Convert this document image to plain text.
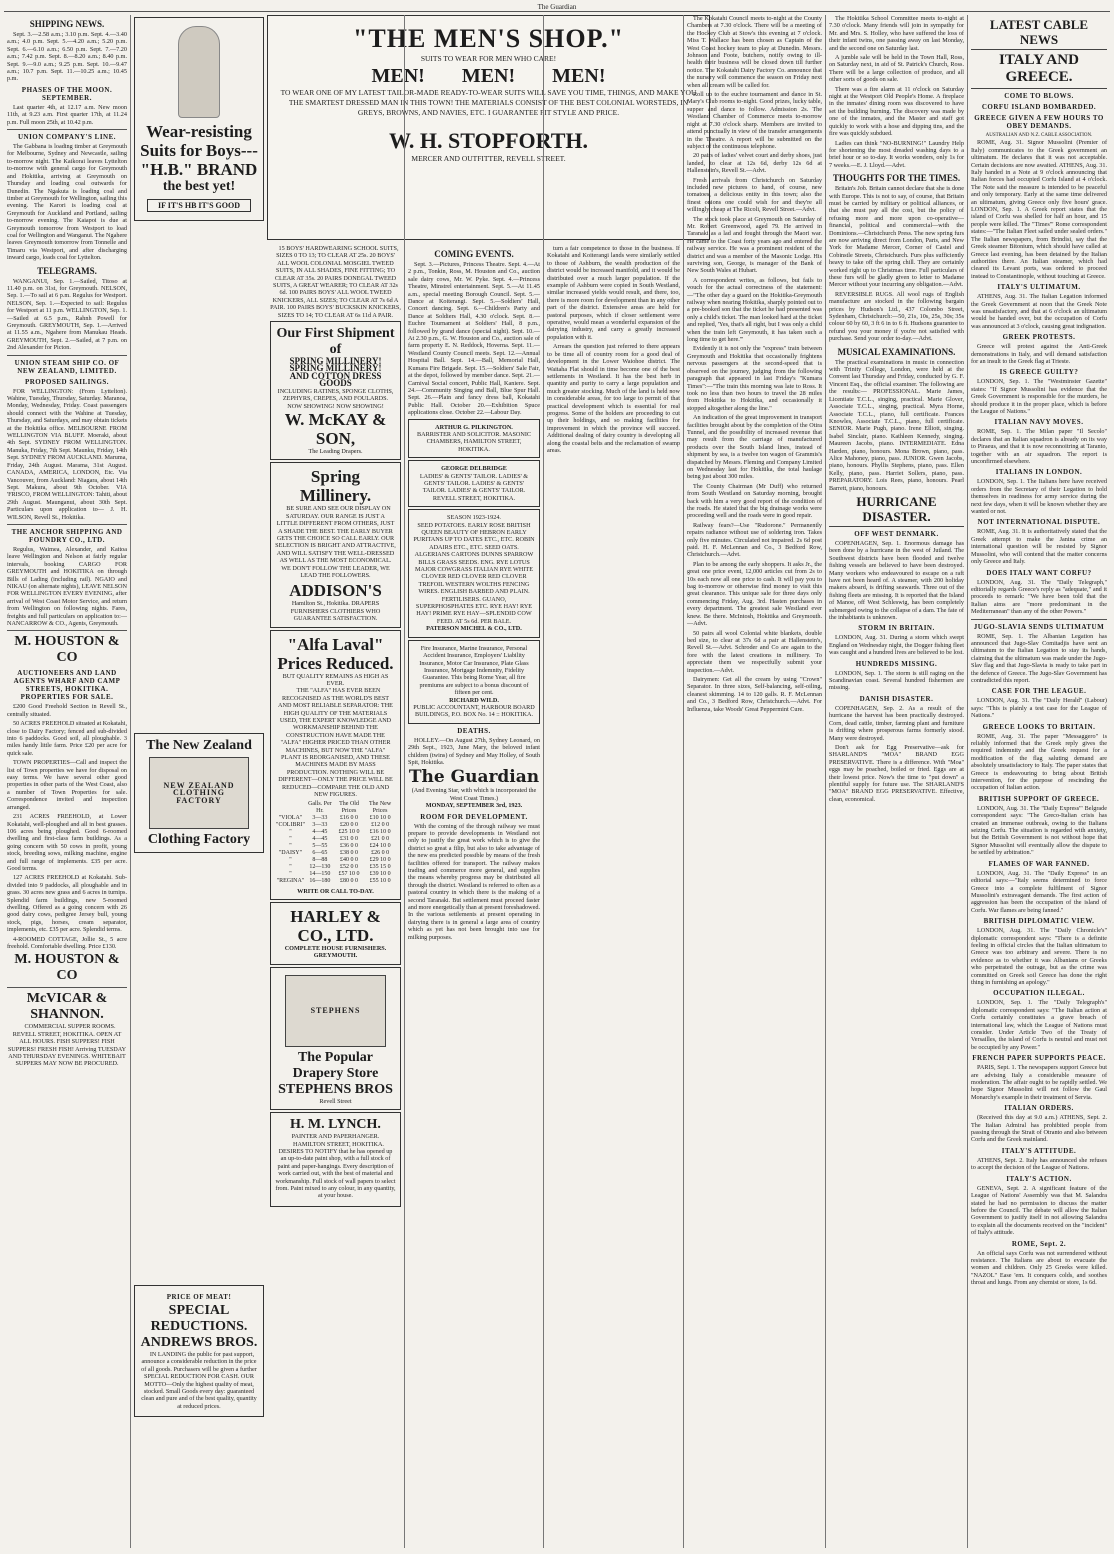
The Guardian
SHIPPING NEWS.

Sept. 3.—2.58 a.m.; 3.10 p.m. Sept. 4.—3.40 a.m.; 4.0 p.m. Sept. 5.—4.20 a.m.; 5.20 p.m. Sept. 6.—6.10 a.m.; 6.50 p.m. Sept. 7.—7.20 a.m.; 7.42 p.m. Sept. 8.—8.20 a.m.; 8.40 p.m. Sept. 9.—9.0 a.m.; 9.25 p.m. Sept. 10.—9.47 a.m.; 10.7 p.m. Sept. 11.—10.25 a.m.; 10.45 p.m.

PHASES OF THE MOON. SEPTEMBER.

Last quarter 4th, at 12.17 a.m. New moon 11th, at 9.23 a.m. First quarter 17th, at 11.24 p.m. Full moon 25th, at 10.42 p.m.

UNION COMPANY'S LINE.

The Gabbana is loading timber at Greymouth for Melbourne, Sydney and Newcastle, sailing to-morrow night. The Kaikorai leaves Lyttelton to-morrow with general cargo for Greymouth and Hokitika, arriving at Greymouth on Thursday and loading coal outwards for Dunedin. The Ngakuta is loading coal and timber at Greymouth for Wellington, sailing this evening. The Karori is loading coal at Greymouth for Auckland and Portland, sailing to-morrow evening. The Kaiapoi is due at Greymouth tomorrow from Westport to load coal for Wellington and Wanganui. The Ngahere leaves Greymouth tomorrow from Tonnelle and Timaru via Westport, and after discharging inward cargo, loads coal for Lyttelton.

TELEGRAMS.

WANGANUI, Sep. 1.—Sailed, Titoso at 11.40 p.m. on 31st, for Greymouth. NELSON, Sep. 1.—To sail at 6 p.m. Regulus for Westport. NELSON, Sep. 1.—Expected to sail: Regulus for Westport at 11 p.m. WELLINGTON, Sep. 1.—Sailed at 6.5 p.m., Rahnh Powell for Greymouth. GREYMOUTH, Sep. 1.—Arrived at 11.55 a.m., Ngahere from Manukau Heads. GREYMOUTH, Sept. 2.—Sailed, at 7 p.m. on 2nd Alexander for Picton.

UNION STEAM SHIP CO. OF NEW ZEALAND, LIMITED.
PROPOSED SAILINGS.

FOR WELLINGTON: (From Lyttelton). Wahine, Tuesday, Thursday, Saturday. Maranoa, Monday, Wednesday, Friday. Coast passengers should connect with the Wahine at Tuesday, Thursday, and Saturdays, and may obtain tickets at the Hokitika office. MELBOURNE FROM WELLINGTON VIA BLUFF. Moeraki, about 4th Sept. SYDNEY FROM WELLINGTON. Manuka, Friday, 7th Sept. Maunku, Friday, 14th Sept. SYDNEY FROM AUCKLAND. Maruma, Friday, 24th August. Marama, 31st August. CANADA, AMERICA, LONDON, Etc. Via Vancouver, from Auckland: Niagara, about 14th Sept. Makura, about 9th October. VIA 'FRISCO, FROM WELLINGTON: Tahiti, about 29th August. Maunganui, about 30th Sept. Particulars upon application to— J. H. WILSON, Revell St., Hokitika.

THE ANCHOR SHIPPING AND FOUNDRY CO., LTD.

Regulus, Waimea, Alexander, and Kaitoa leave Wellington and Nelson at fairly regular intervals, booking CARGO FOR GREYMOUTH and HOKITIKA on through Bills of Lading (including rail). NGAIO and NIKAU (on alternate nights), LEAVE NELSON FOR WELLINGTON EVERY EVENING, after arrival of West Coast Motor Service, and return from Wellington on following nights. Fares, freights and full particulars on application to:— NANCARROW & CO., Agents, Greymouth.

M. HOUSTON & CO
AUCTIONEERS AND LAND AGENTS WHARF AND CAMP STREETS, HOKITIKA. PROPERTIES FOR SALE.

£200 Good Freehold Section in Revell St., centrally situated.

50 ACRES FREEHOLD situated at Kokatahi, close to Dairy Factory; fenced and sub-divided into 6 paddocks. Good soil, all ploughable. 3 miles handy little farm. Price £20 per acre for quick sale.

TOWN PROPERTIES—Call and inspect the list of Town properties we have for disposal on easy terms. We have several other good properties in other parts of the West Coast, also a number of Town Properties for sale. Correspondence invited and inspection arranged.

231 ACRES FREEHOLD, at Lower Kokatahi, well-ploughed and all in best grasses. 106 acres being ploughed. Good 6-roomed dwelling and first-class farm buildings. As a going concern with 50 cows in profit, young stock, breeding sows, milking machine, engine and full range of implements. £35 per acre. Good terms.

127 ACRES FREEHOLD at Kokatahi. Sub-divided into 9 paddocks, all ploughable and in grass. 30 acres new grass and 6 acres in turnips. Splendid farm buildings, new 5-roomed dwelling. Offered as a going concern with 26 good dairy cows, pedigree Jersey bull, young stock, pigs, horses, cream separator, implements, etc. £35 per acre. Splendid terms.

4-ROOMED COTTAGE, Jollie St., 5 acre freehold. Comfortable dwelling. Price £130.

M. HOUSTON & CO
McVICAR & SHANNON.

COMMERCIAL SUPPER ROOMS. REVELL STREET, HOKITIKA. OPEN AT ALL HOURS. FISH SUPPERS! FISH SUPPERS! FRESH FISH! Arriving TUESDAY AND THURSDAY EVENINGS. WHITEBAIT SUPPERS MAY NOW BE PROCURED.

Wear-resisting Suits for Boys---
"H.B." BRAND
the best yet!
IF IT'S HB IT'S GOOD
The New Zealand
NEW ZEALAND CLOTHING FACTORY
Clothing Factory
PRICE OF MEAT!
SPECIAL REDUCTIONS. ANDREWS BROS.

IN LANDING the public for past support, announce a considerable reduction in the price of all goods. Purchasers will be given a further SPECIAL REDUCTION FOR CASH. OUR MOTTO—Only the highest quality of meat, stocked. Small Goods every day: guaranteed clean and pure and of the best quality, quantity at reduced prices.

"THE MEN'S SHOP."
SUITS TO WEAR FOR MEN WHO CARE!
MEN! MEN! MEN!
TO WEAR ONE OF MY LATEST TAILOR-MADE READY-TO-WEAR SUITS WILL SAVE YOU TIME, THINGS, AND MAKE YOU THE SMARTEST DRESSED MAN IN THIS TOWN! THE MATERIALS CONSIST OF THE BEST COLONIAL WORSTEDS, IN GREYS, BROWNS, AND NAVIES, ETC. I GUARANTEE FIT STYLE AND PRICE.
W. H. STOPFORTH.
MERCER AND OUTFITTER, REVELL STREET.

15 BOYS' HARDWEARING SCHOOL SUITS, SIZES 0 TO 13; TO CLEAR AT 25s. 20 BOYS' ALL WOOL COLONIAL MOSGIEL TWEED SUITS, IN ALL SHADES, FINE FITTING; TO CLEAR AT 35s. 20 PAIRS DONEGAL TWEED SUITS, A GREAT WEARER; TO CLEAR AT 32s 6d. 100 PAIRS BOYS' ALL WOOL TWEED KNICKERS, ALL SIZES; TO CLEAR AT 7s 6d A PAIR. 100 PAIRS BOYS' BUCKSKIN KNICKERS, SIZES TO 14; TO CLEAR AT 6s 11d A PAIR.

Our First Shipment of
SPRING MILLINERY! SPRING MILLINERY!
AND COTTON DRESS GOODS
INCLUDING RATINES, SPONGE CLOTHS, ZEPHYRS, CREPES, AND FOULARDS.
NOW SHOWING! NOW SHOWING!
W. McKAY & SON,
The Leading Drapers.
Spring Millinery.

BE SURE AND SEE OUR DISPLAY ON SATURDAY. OUR RANGE IS JUST A LITTLE DIFFERENT FROM OTHERS, JUST A SHADE THE BEST. THE EARLY BUYER GETS THE CHOICE SO CALL EARLY. OUR SELECTION IS BRIGHT AND ATTRACTIVE, AND WILL SATISFY THE WELL-DRESSED AS WELL AS THE MOST ECONOMICAL. WE DON'T FOLLOW THE LEADER, WE LEAD THE FOLLOWERS.

ADDISON'S
Hamilton St., Hokitika. DRAPERS FURNISHERS CLOTHIERS WHO GUARANTEE SATISFACTION.
"Alfa Laval" Prices Reduced.
BUT QUALITY REMAINS AS HIGH AS EVER.

THE "ALFA" HAS EVER BEEN RECOGNISED AS THE WORLD'S BEST AND MOST RELIABLE SEPARATOR: THE HIGH QUALITY OF THE MATERIALS USED, THE EXPERT KNOWLEDGE AND WORKMANSHIP BEHIND THE CONSTRUCTION HAVE MADE THE "ALFA" HIGHER PRICED THAN OTHER MACHINES, BUT NOW THE "ALFA" PLANT IS REORGANISED, AND THESE MACHINES MADE BY MASS PRODUCTION. NOTHING WILL BE DIFFERENT—ONLY THE PRICE WILL BE REDUCED—COMPARE THE OLD AND NEW FIGURES.

	Galls. Per Hr.	The Old Prices	The New Prices
"VIOLA"	3—33	£16 0 0	£10 10 0
"COLIBRI"	3—33	£20 0 0	£12 0 0
"	4—45	£25 10 0	£16 10 0
"	4—45	£31 0 0	£21 0 0
"	5—55	£36 0 0	£24 10 0
"DAISY"	6—65	£38 0 0	£26 0 0
"	8—88	£40 0 0	£29 10 0
"	12—130	£52 0 0	£35 15 0
"	14—150	£57 10 0	£39 10 0
"REGINA"	16—180	£80 0 0	£55 10 0
WRITE OR CALL TO-DAY.
HARLEY & CO., LTD.
COMPLETE HOUSE FURNISHERS. GREYMOUTH.
STEPHENS
The Popular Drapery Store
STEPHENS BROS
Revell Street
H. M. LYNCH.
PAINTER AND PAPERHANGER.

HAMILTON STREET, HOKITIKA. DESIRES TO NOTIFY that he has opened up an up-to-date paint shop, with a full stock of paint and paper-hangings. Every description of work carried out, with the best of material and workmanship. Full stock of wall papers to select from. Paint mixed to any colour, in any quantity, at your house.

COMING EVENTS.

Sept. 3.—Pictures, Princess Theatre. Sept. 4.—At 2 p.m., Tonkin, Ross, M. Houston and Co., auction sale dairy cows, Mr. W. Pyke. Sept. 4.—Princess Theatre, Minstrel entertainment. Sept. 5.—At 11.45 a.m., special meeting Borough Council. Sept. 5.—Dance at Koiterangi. Sept. 5.—Soldiers' Hall, Concert dancing. Sept. 6.—Children's Party and Dance at Soldiers Hall, 4.30 o'clock. Sept. 8.—Euchre Tournament at Soldiers' Hall, 8 p.m., followed by grand dance (special night). Sept. 10.—At 2.30 p.m., G. W. Houston and Co., auction sale of farm property E. N. Reddock, Hoverna. Sept. 11.—Westland County Council meets. Sept. 12.—Annual Hospital Ball. Sept. 14.—Ball, Memorial Hall, Kumara Fire Brigade. Sept. 15.—Soldiers' Sale Fair, at the depot, followed by member dance. Sept. 21.—Carnival Social concert, Public Hall, Kaniere. Sept. 24.—Community Singing and Ball, Blue Spur Hall. Sept. 26.—Plain and fancy dress ball, Kokatahi Public Hall. October 20.—Exhibition Spuce applications close. October 22.—Labour Day.

ARTHUR G. PILKINGTON.
BARRISTER AND SOLICITOR. MASONIC CHAMBERS, HAMILTON STREET, HOKITIKA.
GEORGE DELBRIDGE
LADIES' & GENTS' TAILOR. LADIES' & GENTS' TAILOR. LADIES' & GENTS' TAILOR. LADIES' & GENTS' TAILOR. REVELL STREET, HOKITIKA.
SEASON 1923-1924.
SEED POTATOES. EARLY ROSE BRITISH QUEEN BEAUTY OF HEBRON EARLY PURITANS UP TO DATES ETC., ETC. ROBIN ADAIRS ETC., ETC. SEED OATS. ALGERIANS CARTONS DUNNS SPARROW BILLS GRASS SEEDS. ENG. RYE LOTUS MAJOR COWGRASS ITALIAN RYE WHITE CLOVER RED CLOVER RED CLOVER TREFOIL WESTERN WOLTHS FENCING WIRES. ENGLISH BARBED AND PLAIN. FERTILISERS. GUANO, SUPERPHOSPHATES ETC. RYE HAY! RYE HAY! PRIME RYE HAY—SPLENDID COW FEED. AT 5s 6d. PER BALE.
PATERSON MICHEL & CO., LTD.
Fire Insurance, Marine Insurance, Personal Accident Insurance, Employers' Liability Insurance, Motor Car Insurance, Plate Glass Insurance, Mortgage Indemnity, Fidelity Guarantee. This being Rome Year, all fire premiums are subject to a bonus discount of fifteen per cent.
RICHARD WILD.
PUBLIC ACCOUNTANT, HARBOUR BOARD BUILDINGS, P.O. BOX No. 14 :: HOKITIKA.
DEATHS.

HOLLEY.—On August 27th, Sydney Leonard, on 29th Sept., 1923, June Mary, the beloved infant children (twins) of Sydney and May Holley, of South Spit, Hokitika.

The Guardian
(And Evening Star, with which is incorporated the West Coast Times.)
MONDAY, SEPTEMBER 3rd, 1923.
ROOM FOR DEVELOPMENT.

With the coming of the through railway we must prepare to provide developments in Westland not only to justify the great work which is to give the district so great a filip, but also to take advantage of the new era predicted possible by means of the fresh facilities offered for transport. The railway makes trading and commerce more general, and supplies the means whereby progress may be distributed all through the district. Westland is referred to often as a pastoral country in which there is the making of a second Taranaki. But settlement must proceed faster and more energetically than at present foreshadowed. In the various settlements at present operating in dairying there is in general a large area of country which as yet has not been brought into use for milking purposes.

turn a fair competence to those in the business. If Kokatahi and Koiterangi lands were similarly settled to those of Ashburn, the wealth production of the district would be increased manifold, and it would be distributed over a much larger population. If the example of Ashburn were copied in South Westland, similar increased yields would result, and there, too, there is more room for development than in any other part of the district. Extensive areas are held for pastoral purposes, which if closer settlement were operative, would mean a wonderful expansion of the dairying industry, and carry a greatly increased population with it.

Arrears the question just referred to there appears to be time all of country room for a good deal of development in the Lower Waiohoe district. The Waitaha Flat should in time become one of the best settlements in Westland. It has the best herb in quantity and purity to carry a large population and much greater stocking. Much of the land is held now in considerable areas, for too large to permit of that practical development which is essential for real progress. Some of the holders are proceeding to cut up their holdings, and so making facilities for improvement in which the province will succeed. Additional dealing of dairy country is developing all along the coastal belts and the reclamation of swamp areas.

The Kokatahi Council meets to-night at the County Chambers at 7.30 o'clock. There will be a meeting of the Hockey Club at Stow's this evening at 7 o'clock. Miss T. Wallace has been chosen as Captain of the West Coast hockey team to play at Dunedin. Messrs. Johnson and Foote, butchers, notify owing to ill-health their business will be closed down till further notice. The Kokatahi Dairy Factory Co. announce that the nursery will commence the season on Friday next when all cream will be called for.

Roll up to the euchre tournament and dance in St. Mary's Club rooms to-night. Good prizes, lucky table, supper and dance to follow. Admission 2s. The Westland Chamber of Commerce meets to-morrow night at 7.30 o'clock sharp. Members are invited to attend punctually in view of the transfer arrangements in the Theatre. A report will be submitted on the subject of the continuous telephone.

20 pairs of ladies' velvet court and derby shoes, just landed, to clear at 12s 6d, derby 12s 6d at Hallenstein's, Revell St.—Advt.

Fresh arrivals from Christchurch on Saturday included new pictures to hand, of course, new tomatoes, a delicious entity in this town; also the finest onions one could wish for and they're all willingly cheap at The Ricoli, Revell Street.—Advt.

The stock took place at Greymouth on Saturday of Mr. Robert Greenwood, aged 79. He arrived in Taranaki as a lad and fought through the Maori war. He came to the Coast forty years ago and entered the railway service. He was a prominent resident of the district and was a member of the Masonic Lodge. His surviving son, George, is manager of the Bank of New South Wales at Hubart.

A correspondent writes, as follows, but fails to vouch for the actual correctness of the statement:—"The other day a guard on the Hokitika-Greymouth railway when nearing Hokitika, sharply pointed out to a pre-booked son that the ticket he had presented was only a child's ticket. The man looked hard at the ticket and replied, 'Yes, that's all right, but I was only a child when the train left Greymouth, it has taken such a long time to get here.'"

Evidently it is not only the "express" train between Greymouth and Hokitika that occasionally frightens nervous passengers at the second-speed that is observed on the journey, judging from the following paragraph that appeared in last Friday's "Kumara Times":—"The train this morning was late to Ross. It took no less than two hours to travel the 28 miles from Hokitika to Hokitika, and occasionally it stopped altogether along the line."

An indication of the great improvement in transport facilities brought about by the completion of the Otira Tunnel, and the possibility of increased revenue that may result from the carriage of manufactured products over the South Island lines, instead of shipment by sea, is a twelve ton wagon of Grammis's dispatched by Messrs. Fleming and Company Limited on Wednesday last for Hokitika, the total haulage being just about 300 miles.

The County Chairman (Mr Duff) who returned from South Westland on Saturday morning, brought back with him a very good report of the condition of the roads. He stated that the big drainage works were proceeding well and the roads were in good repair.

Railway fears?—Use "Rudorone." Permanently repairs radiance without use of soldering iron. Takes only five minutes. Circulated not impaired. 2s 6d post paid. H. F. McLennan and Co., 3 Bedford Row, Christchurch.—Advt.

Plan to be among the early shoppers. It asks Jr., the great one price event, 12,000 articles cut from 2s to 10s each now all one price to cash. It will pay you to bag to-morrow or otherwise find money to visit this great clearance. This unique sale for three days only commencing Friday, Aug. 3rd. Hasten purchases in every department. The greatest sale Westland ever knew. Be there. McIntosh, Hokitika and Greymouth.—Advt.

50 pairs all wool Colonial white blankets, double bed size, to clear at 37s 6d a pair at Hallenstein's, Revell St.—Advt. Schroder and Co are again to the fore with the latest creations in millinery. To appreciate them we respectfully submit your inspection.—Advt.

Dairymen: Get all the cream by using "Crown" Separator. In three sizes, Self-balancing, self-oiling, cleanest skimming. 14 to 120 galls. R. F. McLennan and Co., 3 Bedford Row, Christchurch.—Advt. For Influenza, take Woods' Great Peppermint Cure.

The Hokitika School Committee meets to-night at 7.30 o'clock. Many friends will join in sympathy for Mr. and Mrs. S. Holley, who have suffered the loss of their infant twins, one passing away on last Monday, and the second one on Saturday last.

A jumble sale will be held in the Town Hall, Ross, on Saturday next, in aid of St. Patrick's Church, Ross. There will be a large collection of produce, and all other sorts of goods on sale.

There was a fire alarm at 11 o'clock on Saturday night at the Westport Old People's Home. A fireplace in the inmates' dining room was discovered to have set the building burning. The discovery was made by one of the inmates, and the Master and staff got quickly to work with a hose and dipping tins, and the fire was quickly subdued.

Ladies can think "NO-BURNING!" Laundry Help for shortening the most dreaded washing days to a brief hour or so to-day. It works wonders, only 1s for 7 weeks.—E. J. Lloyd.—Advt.

THOUGHTS FOR THE TIMES.

Britain's Job. Britain cannot declare that she is done with Europe. This is not to say, of course, that Britain must be carried by military or political alliances, or that she must pay all the cost, but the policy of refusing more and more upon co-operative—financial, political and commercial—with the Dominions.—Christchurch Press. The new spring furs are now arriving direct from London, Paris, and New York for Madame Mercer, Corner of Castel and Cobinstle Streets, Christchurch. Furs plus sufficiently heavy to take off the spring chill. They are certainly worked right up to Christmas time. Full particulars of these furs will be gladly given to letter to Madame Mercer without your incurring any obligation.—Advt.

REVERSIBLE RUGS. All wool rugs of English manufacture are stocked in the following bargain prices by Hudson's Ltd., 437 Colombo Street, Sydenham, Christchurch:—50, 21s, 10s, 25s, 30s; 35s colour 60 by 60, 3 ft 6 in to 6 ft. Hudsons guarantee to refund you your money if you're not satisfied with purchase. Send your order to-day.—Advt.

MUSICAL EXAMINATIONS.

The practical examinations in music in connection with Trinity College, London, were held at the Convent last Thursday and Friday, conducted by G. F. Vincent Esq., the official examiner. The following are the results:— PROFESSIONAL. Marie James, Licentiate T.C.L., singing, practical. Marie Glover, Associate T.C.L., singing, practical. Myra Horne, Associate T.C.L., piano, full certificate. Frances Knowles, Associate T.C.L., piano, full certificate. SENIOR. Marie Pugh, piano. Irene Elliott, singing. Isabel Sinclair, piano. Kathleen Kennedy, singing. Maureen Jacobs, piano. INTERMEDIATE. Edna Harden, piano, honours. Mona Brown, piano, pass. Alice Mahoney, piano, pass. JUNIOR. Gwen Jacobs, piano, honours. Phyllis Stephens, piano, pass. Ellen Kelly, piano, pass. Harriet Sollers, piano, pass. PREPARATORY. Lois Rees, piano, honours. Pearl Barrett, piano, honours.

HURRICANE DISASTER.
OFF WEST DENMARK.

COPENHAGEN, Sep. 1. Enormous damage has been done by a hurricane in the west of Jutland. The Southwest districts have been flooded and twelve fishing vessels are believed to have been destroyed. Many workers who endeavoured to escape on a raft have not been heard of. A steamer, with 200 holiday makers aboard, is drifting seawards. Three out of the fishing fleets are missing. It is reported that the Island of Manoe, off West Schleswig, has been completely submerged owing to the collapse of a dam. The fate of the inhabitants is unknown.

STORM IN BRITAIN.

LONDON, Aug. 31. During a storm which swept England on Wednesday night, the Dogger fishing fleet was caught and a hundred lives are believed to be lost.

HUNDREDS MISSING.

LONDON, Sep. 1. The storm is still raging on the Scandinavian coast. Several hundred fishermen are missing.

DANISH DISASTER.

COPENHAGEN, Sep. 2. As a result of the hurricane the harvest has been practically destroyed. Corn, dead cattle, timber, farming plant and furniture is drifting where prosperous farms formerly stood. Many were destroyed.

Don't ask for Egg Preservative—ask for SHARLAND'S "MOA" BRAND EGG PRESERVATIVE. There is a difference. With "Moa" eggs may be poached, boiled or fried. Eggs are at their lowest price. Now's the time to "put down" a plentiful supply for future use. The SHARLAND'S "MOA" BRAND EGG PRESERVATIVE. Effective, clean, economical.

LATEST CABLE NEWS
ITALY AND GREECE.
COME TO BLOWS.
CORFU ISLAND BOMBARDED.
GREECE GIVEN A FEW HOURS TO OBEY DEMANDS.
AUSTRALIAN AND N.Z. CABLE ASSOCIATION.

ROME, Aug. 31. Signor Mussolini (Premier of Italy) communicates to the Greek government an ultimatum. He declares that it was not acceptable. Certain decisions are now awaited. ATHENS, Aug. 31. Italy handed in a Note at 9 o'clock announcing that Italian forces had occupied Corfu Island at 4 o'clock. The Note said the measure is intended to be peaceful and only temporary. Early at the same time delivered an ultimatum, giving Greece only five hours' grace. LONDON, Sep. 1. A Greek report states that the island of Corfu was shelled for half an hour, and 15 people were killed. The "Times'" Rome correspondent states:—"The Italian Fleet sailed under sealed orders." The Italian newspapers, from Brindisi, say that the Greek steamer Bitonium, which should have called at Greece last evening, has been detained by the Italian authorities there. An Italian steamer, which had cleared its Levant ports, was ordered to proceed instead to Constantinople, without touching at Greece.

ITALY'S ULTIMATUM.

ATHENS, Aug. 31. The Italian Legation informed the Greek Government at noon that the Greek Note was unsatisfactory, and that at 6 o'clock an ultimatum would be handed over, but the occupation of Corfu was announced at 3 o'clock, causing great indignation.

GREEK PROTESTS.

Greece will protest against the Anti-Greek demonstrations in Italy, and will demand satisfaction for an insult to the Greek flag at Trieste.

IS GREECE GUILTY?

LONDON, Sep. 1. The "Westminster Gazette" states: "If Signor Mussolini has evidence that the Greek Government is responsible for the murders, he should produce it in the proper place, which is before the League of Nations."

ITALIAN NAVY MOVES.

ROME, Sep. 1. The Milan paper "Il Secolo" declares that an Italian squadron is already on its way to Piraeus, and that it is now reconnoitring at Taranto, together with an air squadron. The report is unconfirmed elsewhere.

ITALIANS IN LONDON.

LONDON, Sep. 1. The Italians here have received orders from the Secretary of their Legation to hold themselves in readiness for army service during the next few days, when it will be known whether they are wanted or not.

NOT INTERNATIONAL DISPUTE.

ROME, Aug. 31. It is authoritatively stated that the Greek attempt to make the Janina crime an international question will be resisted by Signor Mussolini, who will contend that the matter concerns only Greece and Italy.

DOES ITALY WANT CORFU?

LONDON, Aug. 31. The "Daily Telegraph," editorially regards Greece's reply as "adequate," and it proceeds to remark: "We have been told that the Italian aims are "more predominant in the Mediterranean" than any of the other Powers."

JUGO-SLAVIA SENDS ULTIMATUM

ROME, Sep. 1. The Albanian Legation has announced that Jugo-Slav Comitadjis have sent an ultimatum to the Italian Legation to stay its hands, claiming that the ultimatum was made under the Jugo-Slav flag and that Jugo-Slavia is ready to take part in the defence of Greece. The Jugo-Slav Government has contradicted this report.

CASE FOR THE LEAGUE.

LONDON, Aug. 31. The "Daily Herald" (Labour) says: "This is plainly a test case for the League of Nations."

GREECE LOOKS TO BRITAIN.

ROME, Aug. 31. The paper "Messaggero" is reliably informed that the Greek reply gives the required indemnity and the Greek request for a modification of the flag saluting demand are absolutely unsatisfactory to Italy. The paper states that Greece is endeavouring to bring about British intervention, for the purpose of rescinding the occupation of Italian action.

BRITISH SUPPORT OF GREECE.

LONDON, Aug. 31. The "Daily Express'" Belgrade correspondent says: "The Greco-Italian crisis has created an immense outbreak, owing to the Italians seizing Corfu. The situation is regarded with anxiety, but the British Government is not without hope that Signor Mussolini will eventually allow the dispute to be settled by arbitration."

FLAMES OF WAR FANNED.

LONDON, Aug. 31. The "Daily Express" in an editorial says:—"Italy seems determined to force Greece into a complete fulfilment of Signor Mussolini's extravagant demands. The first action of aggression has been the occupation of the island of Corfu. War flames are being fanned."

BRITISH DIPLOMATIC VIEW.

LONDON, Aug. 31. The "Daily Chronicle's" diplomatic correspondent says: "There is a definite feeling in official circles that the Italian ultimatum to Greece was too arbitrary and severe. There is no evidence as to whether it was Albanians or Greeks who perpetrated the outrage, but as the crime was committed on Greek soil Greece has done the right thing in furnishing an apology."

OCCUPATION ILLEGAL.

LONDON, Sep. 1. The "Daily Telegraph's" diplomatic correspondent says: "The Italian action at Corfu certainly constitutes a grave breach of international law, which the League of Nations must consider. Under Article Two of the Treaty of Versailles, the island of Corfu is neutral and must not be occupied by any Power."

FRENCH PAPER SUPPORTS PEACE.

PARIS, Sept. 1. The newspapers support Greece but are advising Italy a considerable measure of moderation. The affair ought to be rapidly settled. We hope Signor Mussolini will not follow the Gaul Monarchy's example in their treatment of Servia.

ITALIAN ORDERS.

(Received this day at 9.0 a.m.) ATHENS, Sept. 2. The Italian Admiral has prohibited people from passing through the Strait of Otranto and also between Corfu and the Greek mainland.

ITALY'S ATTITUDE.

ATHENS, Sept. 2. Italy has announced she refuses to accept the decision of the League of Nations.

ITALY'S ACTION.

GENEVA, Sept. 2. A significant feature of the League of Nations' Assembly was that M. Salandra stated he had no permission to discuss the matter before the Council. The debate will allow the Italian Government to justify itself in not allowing Salandra to explain all the documents received on the "incident" of Italy's attitude.

ROME, Sept. 2.

An official says Corfu was not surrendered without resistance. The Italians are about to evacuate the women and children. Only 25 Greeks were killed. "NAZOL" Ease 'em. It conquers colds, and soothes throat and lungs. From any chemist or store, 1s 6d.
